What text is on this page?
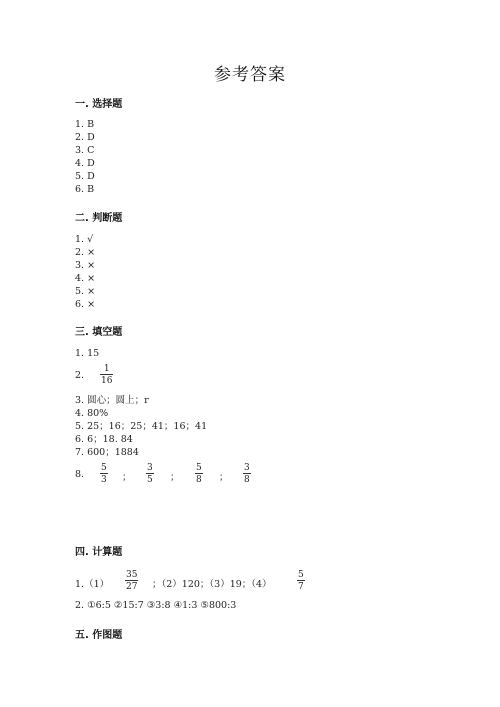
参考答案
一. 选择题
1. B
2. D
3. C
4. D
5. D
6. B
二. 判断题
1. √
2. ×
3. ×
4. ×
5. ×
6. ×
三. 填空题
1. 15
2. $\frac{1}{16}$
3. 圆心；圆上；r
4. 80%
5. 25；16；25；41；16；41
6. 6；18. 84
7. 600；1884
8. $\frac{5}{3}$ ； $\frac{3}{5}$ ； $\frac{5}{8}$ ； $\frac{3}{8}$
四. 计算题
$1.(1) \frac{35}{27}$ ；（2）120；（3）19；（4）	$\frac{5}{7}$
2. ①6:5 ②15:7 ③3:8 ④1:3 ⑤800:3
五. 作图题
